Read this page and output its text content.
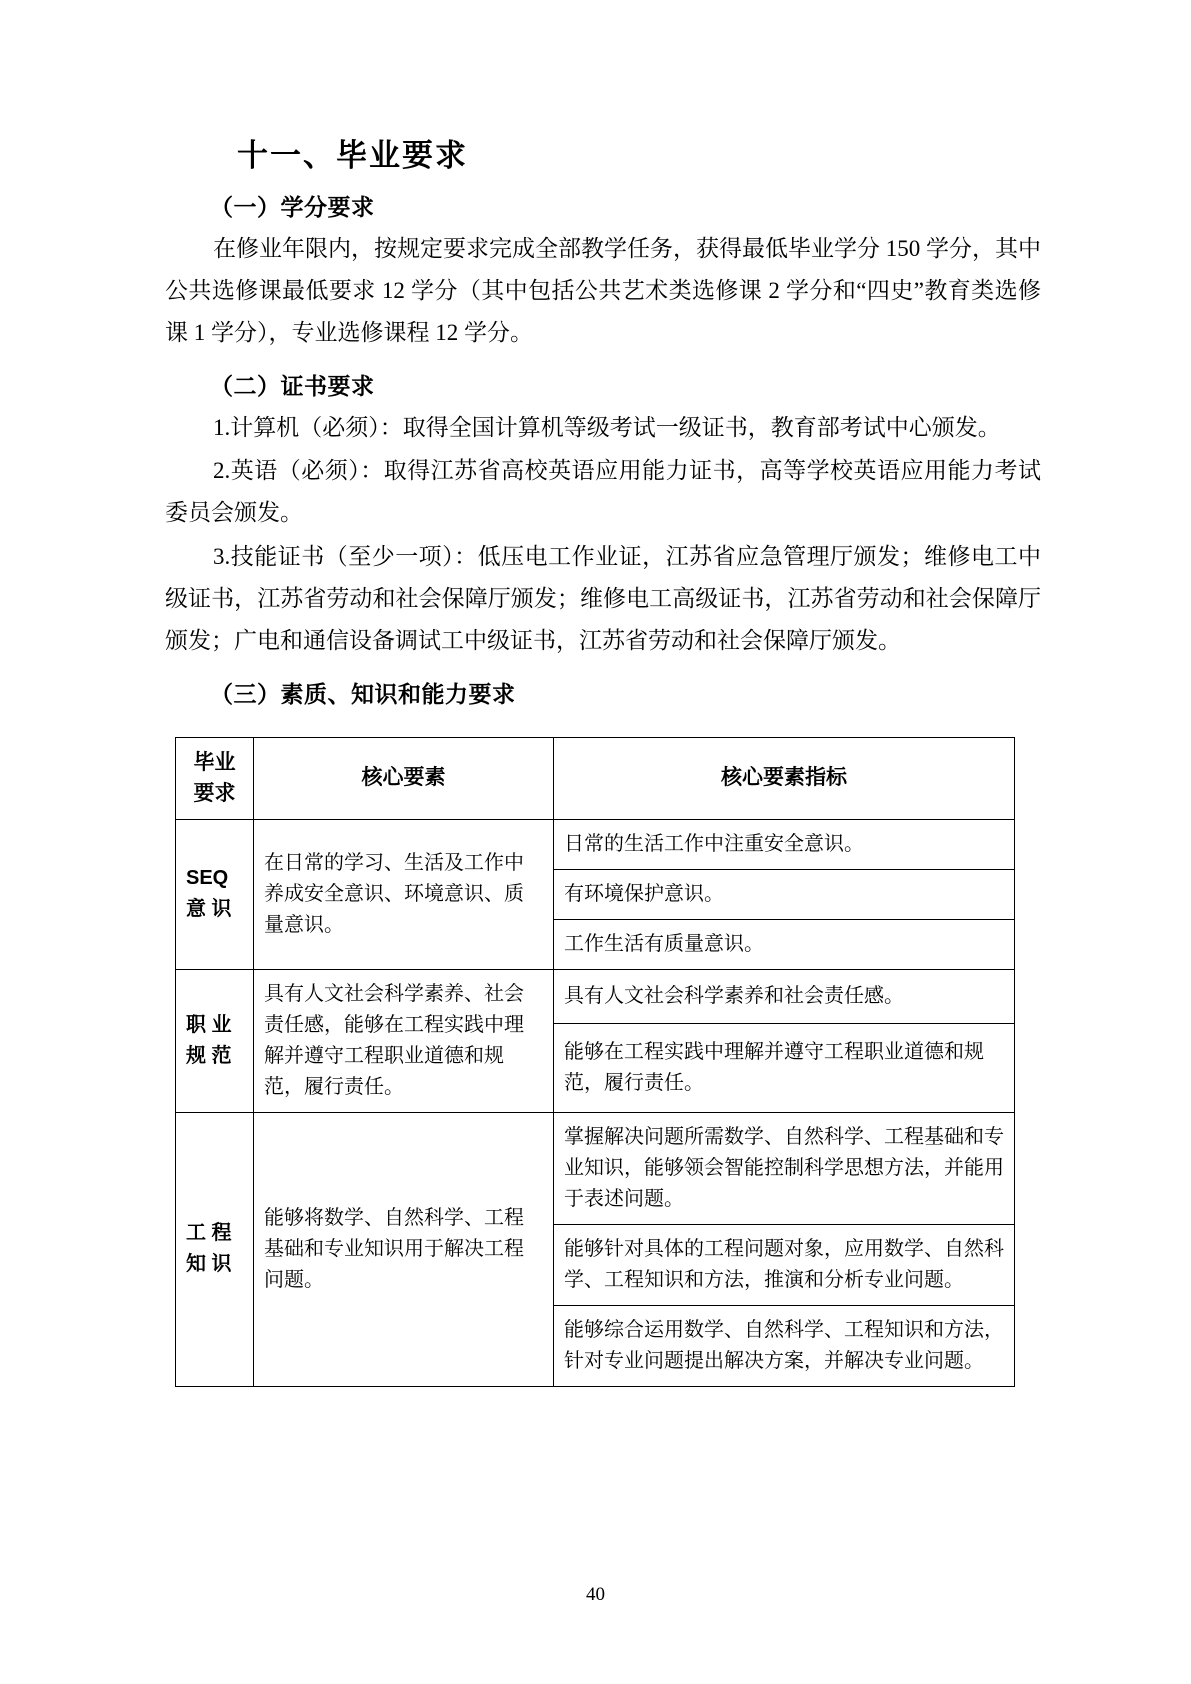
十一、毕业要求
（一）学分要求

在修业年限内，按规定要求完成全部教学任务，获得最低毕业学分 150 学分，其中公共选修课最低要求 12 学分（其中包括公共艺术类选修课 2 学分和“四史”教育类选修课 1 学分），专业选修课程 12 学分。

（二）证书要求

1.计算机（必须）：取得全国计算机等级考试一级证书，教育部考试中心颁发。

2.英语（必须）：取得江苏省高校英语应用能力证书，高等学校英语应用能力考试委员会颁发。

3.技能证书（至少一项）：低压电工作业证，江苏省应急管理厅颁发；维修电工中级证书，江苏省劳动和社会保障厅颁发；维修电工高级证书，江苏省劳动和社会保障厅颁发；广电和通信设备调试工中级证书，江苏省劳动和社会保障厅颁发。

（三）素质、知识和能力要求
毕业 要求	核心要素	核心要素指标
SEQ 意 识	在日常的学习、生活及工作中养成安全意识、环境意识、质量意识。	日常的生活工作中注重安全意识。
		有环境保护意识。
		工作生活有质量意识。
职 业 规 范	具有人文社会科学素养、社会责任感，能够在工程实践中理解并遵守工程职业道德和规范，履行责任。	具有人文社会科学素养和社会责任感。
		能够在工程实践中理解并遵守工程职业道德和规范，履行责任。
工 程 知 识	能够将数学、自然科学、工程基础和专业知识用于解决工程问题。	掌握解决问题所需数学、自然科学、工程基础和专业知识，能够领会智能控制科学思想方法，并能用于表述问题。
		能够针对具体的工程问题对象，应用数学、自然科学、工程知识和方法，推演和分析专业问题。
		能够综合运用数学、自然科学、工程知识和方法，针对专业问题提出解决方案，并解决专业问题。
40
